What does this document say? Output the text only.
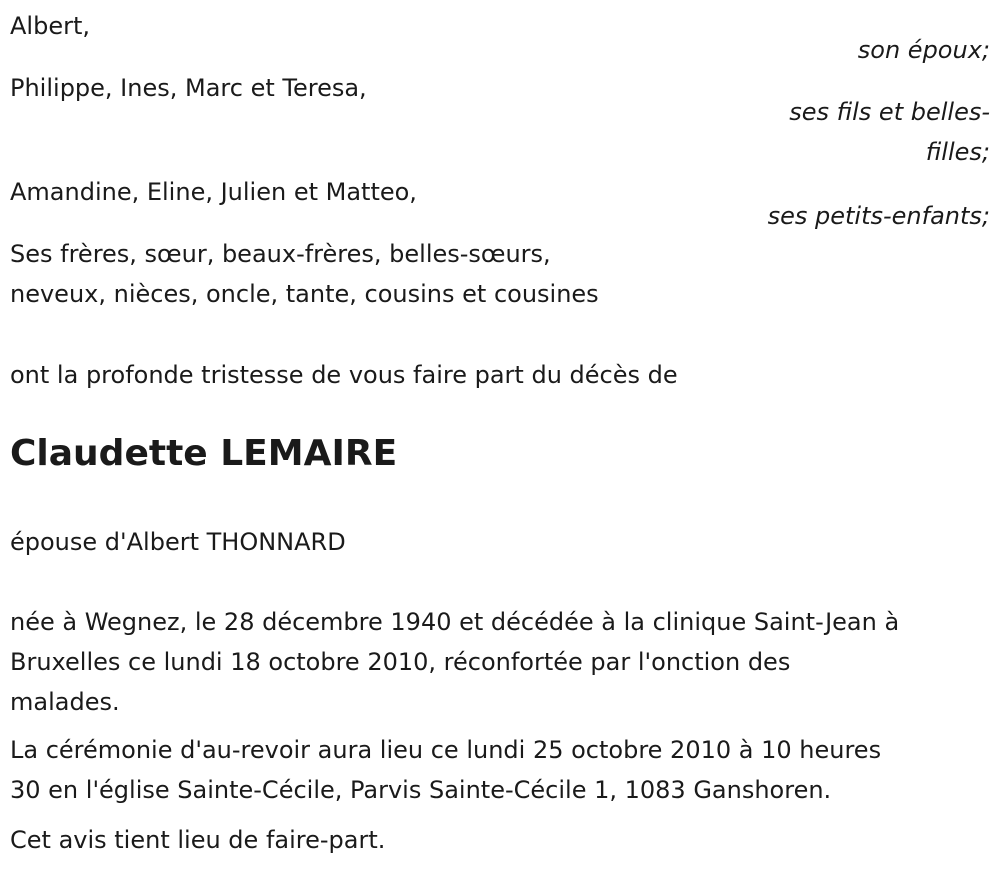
Albert,
son époux;
Philippe, Ines, Marc et Teresa,
ses fils et belles-
filles;
Amandine, Eline, Julien et Matteo,
ses petits-enfants;
Ses frères, sœur, beaux-frères, belles-sœurs,
neveux, nièces, oncle, tante, cousins et cousines
ont la profonde tristesse de vous faire part du décès de
Claudette LEMAIRE
épouse d'Albert THONNARD
née à Wegnez, le 28 décembre 1940 et décédée à la clinique Saint-Jean à
Bruxelles ce lundi 18 octobre 2010, réconfortée par l'onction des
malades.
La cérémonie d'au-revoir aura lieu ce lundi 25 octobre 2010 à 10 heures
30 en l'église Sainte-Cécile, Parvis Sainte-Cécile 1, 1083 Ganshoren.
Cet avis tient lieu de faire-part.
